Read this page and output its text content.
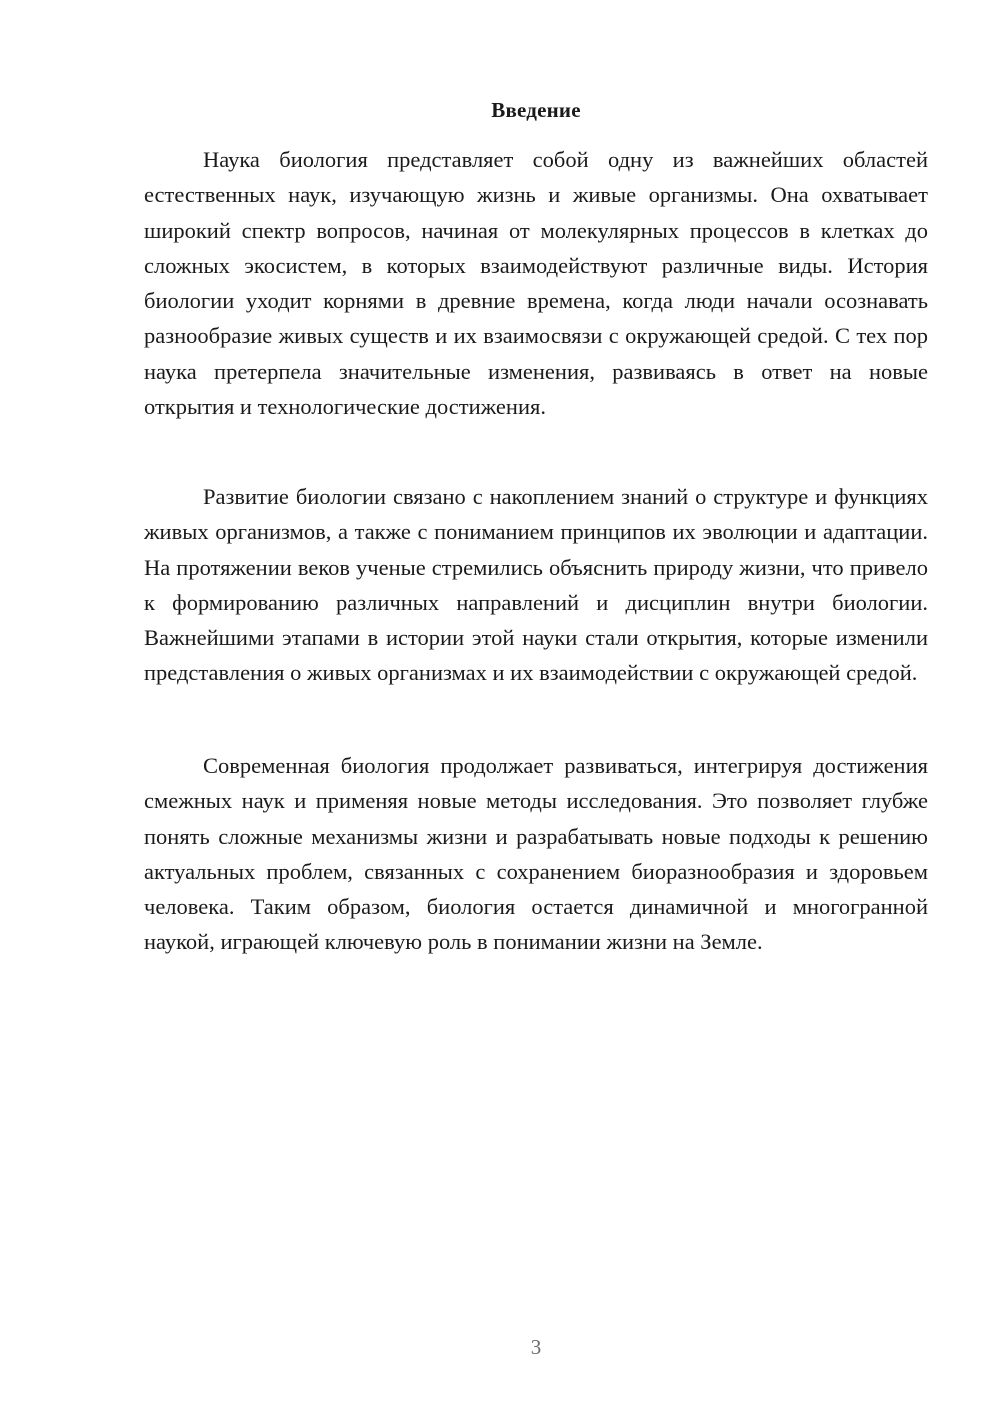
Введение

Наука биология представляет собой одну из важнейших областей естественных наук, изучающую жизнь и живые организмы. Она охватывает широкий спектр вопросов, начиная от молекулярных процессов в клетках до сложных экосистем, в которых взаимодействуют различные виды. История биологии уходит корнями в древние времена, когда люди начали осознавать разнообразие живых существ и их взаимосвязи с окружающей средой. С тех пор наука претерпела значительные изменения, развиваясь в ответ на новые открытия и технологические достижения.

Развитие биологии связано с накоплением знаний о структуре и функциях живых организмов, а также с пониманием принципов их эволюции и адаптации. На протяжении веков ученые стремились объяснить природу жизни, что привело к формированию различных направлений и дисциплин внутри биологии. Важнейшими этапами в истории этой науки стали открытия, которые изменили представления о живых организмах и их взаимодействии с окружающей средой.

Современная биология продолжает развиваться, интегрируя достижения смежных наук и применяя новые методы исследования. Это позволяет глубже понять сложные механизмы жизни и разрабатывать новые подходы к решению актуальных проблем, связанных с сохранением биоразнообразия и здоровьем человека. Таким образом, биология остается динамичной и многогранной наукой, играющей ключевую роль в понимании жизни на Земле.

3
